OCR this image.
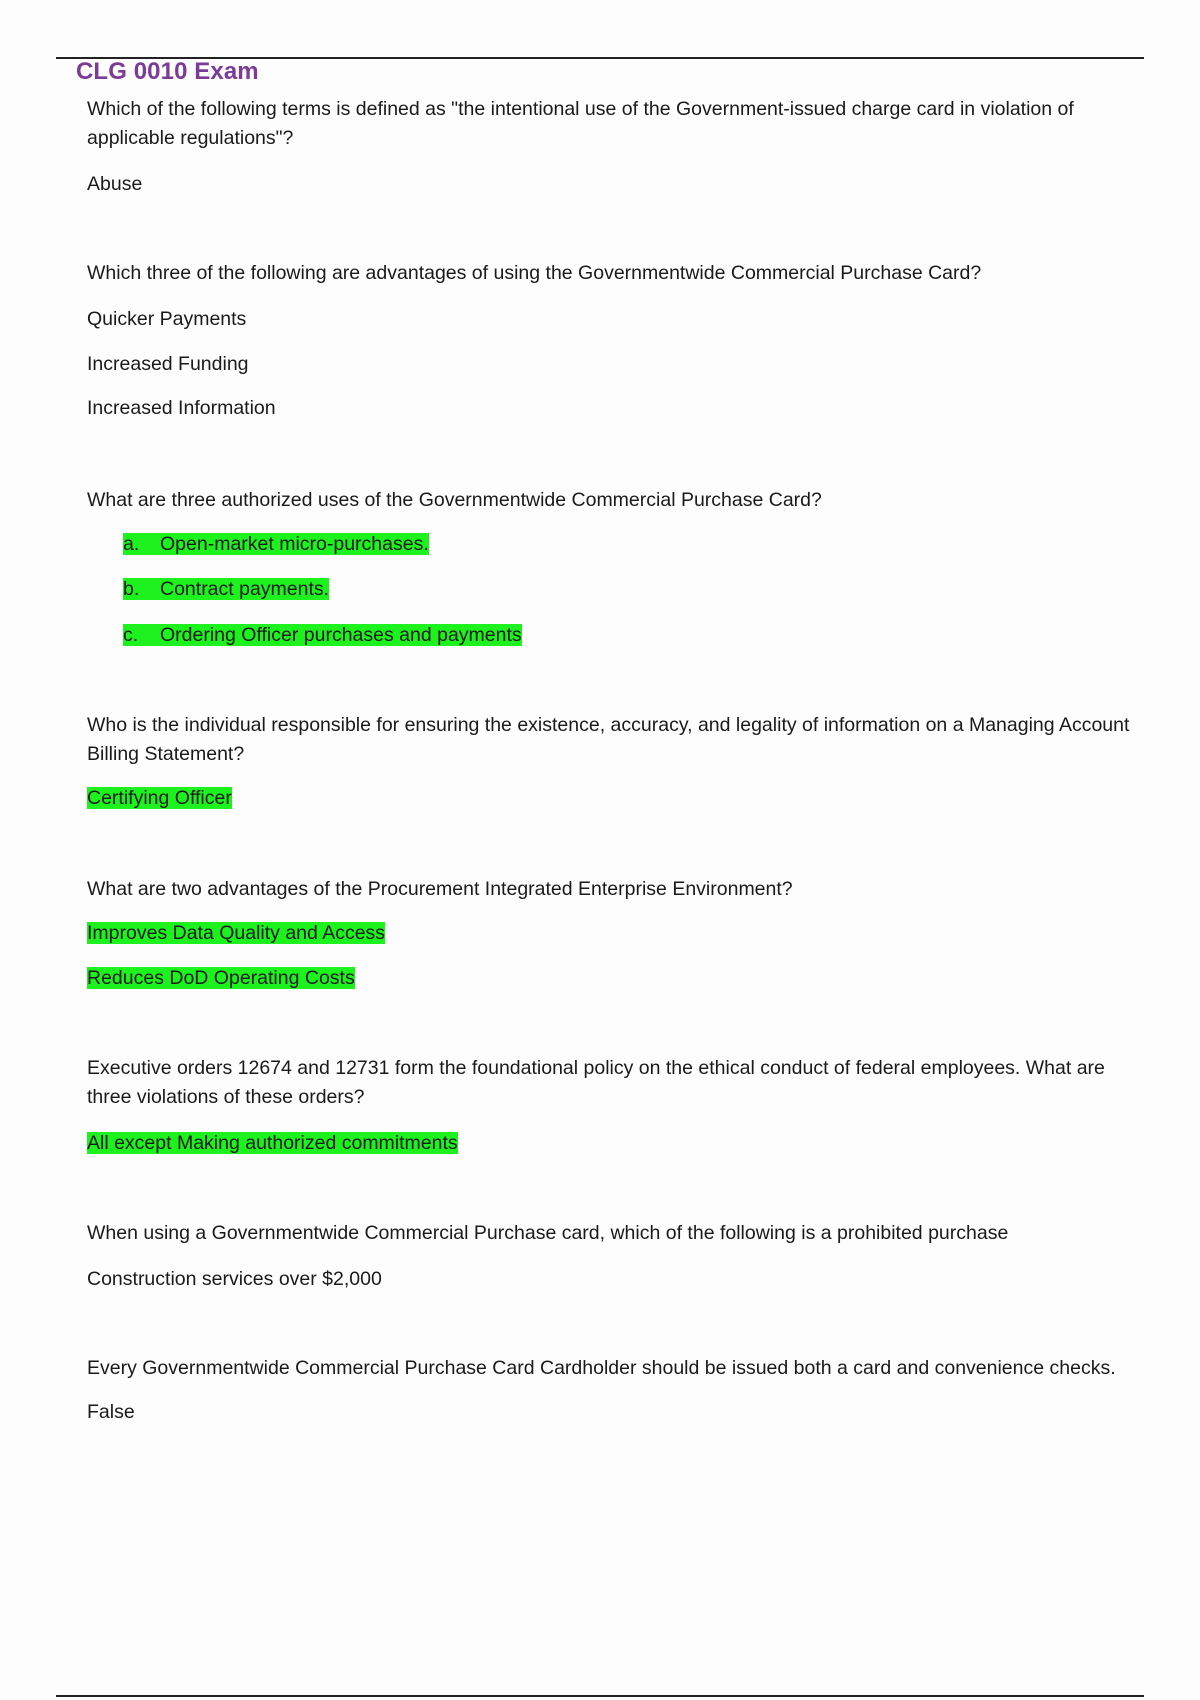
CLG 0010 Exam
Which of the following terms is defined as "the intentional use of the Government-issued charge card in violation of applicable regulations"?
Abuse
Which three of the following are advantages of using the Governmentwide Commercial Purchase Card?
Quicker Payments
Increased Funding
Increased Information
What are three authorized uses of the Governmentwide Commercial Purchase Card?
a. Open-market micro-purchases.
b. Contract payments.
c. Ordering Officer purchases and payments
Who is the individual responsible for ensuring the existence, accuracy, and legality of information on a Managing Account Billing Statement?
Certifying Officer
What are two advantages of the Procurement Integrated Enterprise Environment?
Improves Data Quality and Access
Reduces DoD Operating Costs
Executive orders 12674 and 12731 form the foundational policy on the ethical conduct of federal employees. What are three violations of these orders?
All except Making authorized commitments
When using a Governmentwide Commercial Purchase card, which of the following is a prohibited purchase
Construction services over $2,000
Every Governmentwide Commercial Purchase Card Cardholder should be issued both a card and convenience checks.
False
